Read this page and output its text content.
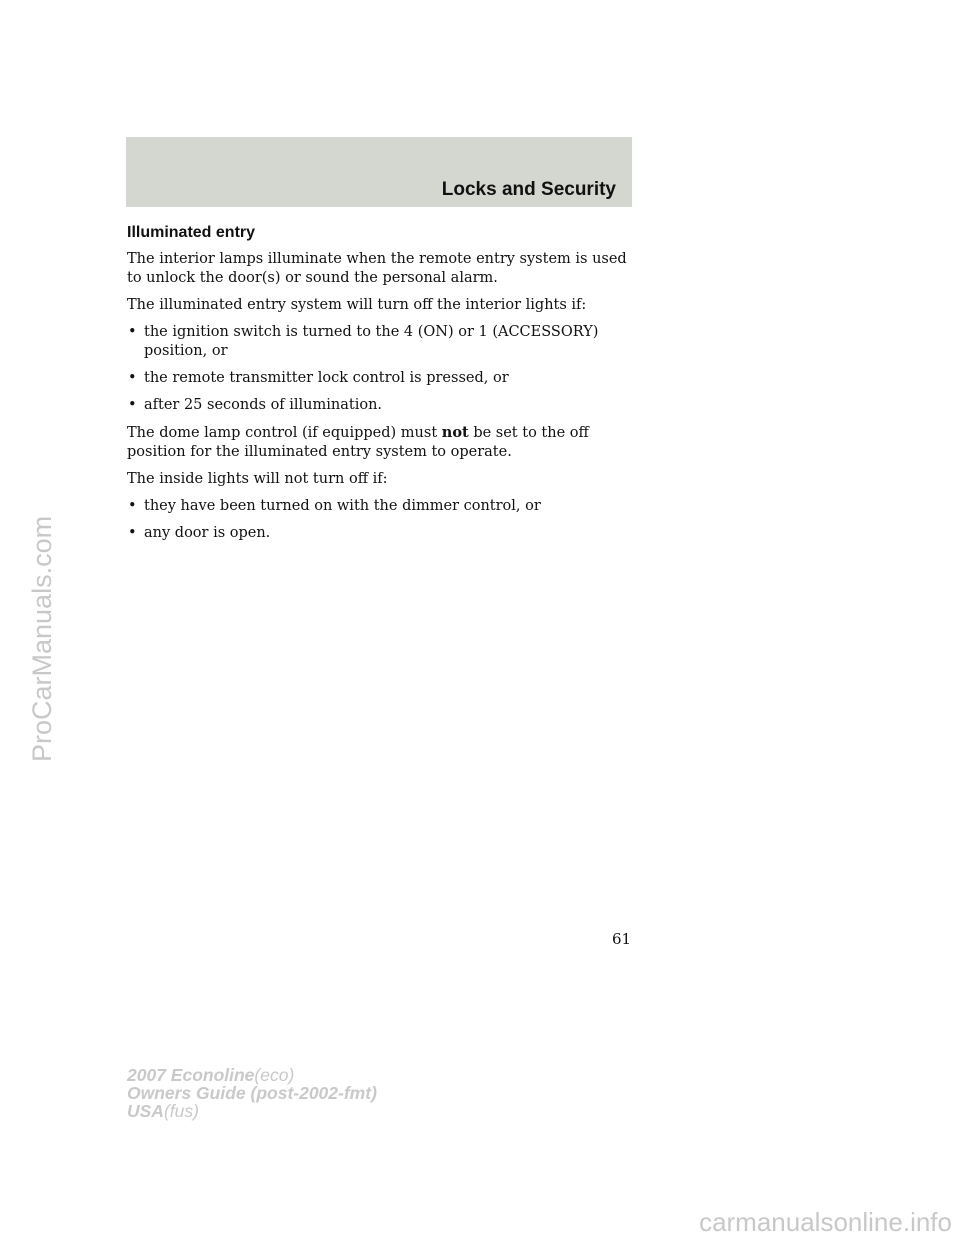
Locks and Security
Illuminated entry

The interior lamps illuminate when the remote entry system is used to unlock the door(s) or sound the personal alarm.

The illuminated entry system will turn off the interior lights if:

• the ignition switch is turned to the 4 (ON) or 1 (ACCESSORY) position, or
• the remote transmitter lock control is pressed, or
• after 25 seconds of illumination.

The dome lamp control (if equipped) must not be set to the off position for the illuminated entry system to operate.

The inside lights will not turn off if:

• they have been turned on with the dimmer control, or
• any door is open.
61
2007 Econoline(eco)
Owners Guide (post-2002-fmt)
USA(fus)
ProCarManuals.com
carmanualsonline.info
